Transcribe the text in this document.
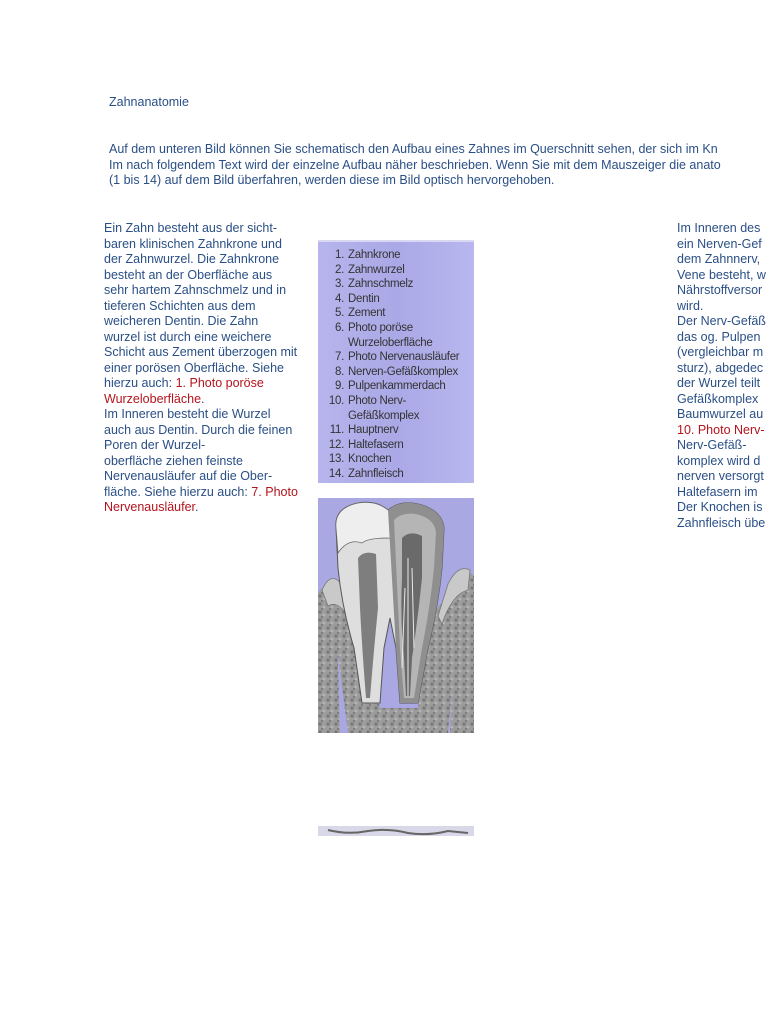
Zahnanatomie
Auf dem unteren Bild können Sie schematisch den Aufbau eines Zahnes im Querschnitt sehen, der sich im Kn
Im nach folgendem Text wird der einzelne Aufbau näher beschrieben. Wenn Sie mit dem Mauszeiger die anato
(1 bis 14) auf dem Bild überfahren, werden diese im Bild optisch hervorgehoben.
Ein Zahn besteht aus der sicht-
baren klinischen Zahnkrone und
der Zahnwurzel. Die Zahnkrone
besteht an der Oberfläche aus
sehr hartem Zahnschmelz und in
tieferen Schichten aus dem
weicheren Dentin. Die Zahn
wurzel ist durch eine weichere
Schicht aus Zement überzogen mit
einer porösen Oberfläche. Siehe
hierzu auch: 1. Photo poröse
Wurzeloberfläche.
Im Inneren besteht die Wurzel
auch aus Dentin. Durch die feinen
Poren der Wurzel-
oberfläche ziehen feinste
Nervenausläufer auf die Ober-
fläche. Siehe hierzu auch: 7. Photo
Nervenausläufer.
1. Zahnkrone
2. Zahnwurzel
3. Zahnschmelz
4. Dentin
5. Zement
6. Photo poröse
Wurzeloberfläche
7. Photo Nervenausläufer
8. Nerven-Gefäßkomplex
9. Pulpenkammerdach
10. Photo Nerv-
Gefäßkomplex
11. Hauptnerv
12. Haltefasern
13. Knochen
14. Zahnfleisch
Im Inneren des
ein Nerven-Gef
dem Zahnnerv,
Vene besteht, w
Nährstoffversor
wird.
Der Nerv-Gefäß
das og. Pulpen
(vergleichbar m
sturz), abgedec
der Wurzel teilt
Gefäßkomplex
Baumwurzel au
10. Photo Nerv-
Nerv-Gefäß-
komplex wird d
nerven versorgt
Haltefasern im
Der Knochen is
Zahnfleisch übe
